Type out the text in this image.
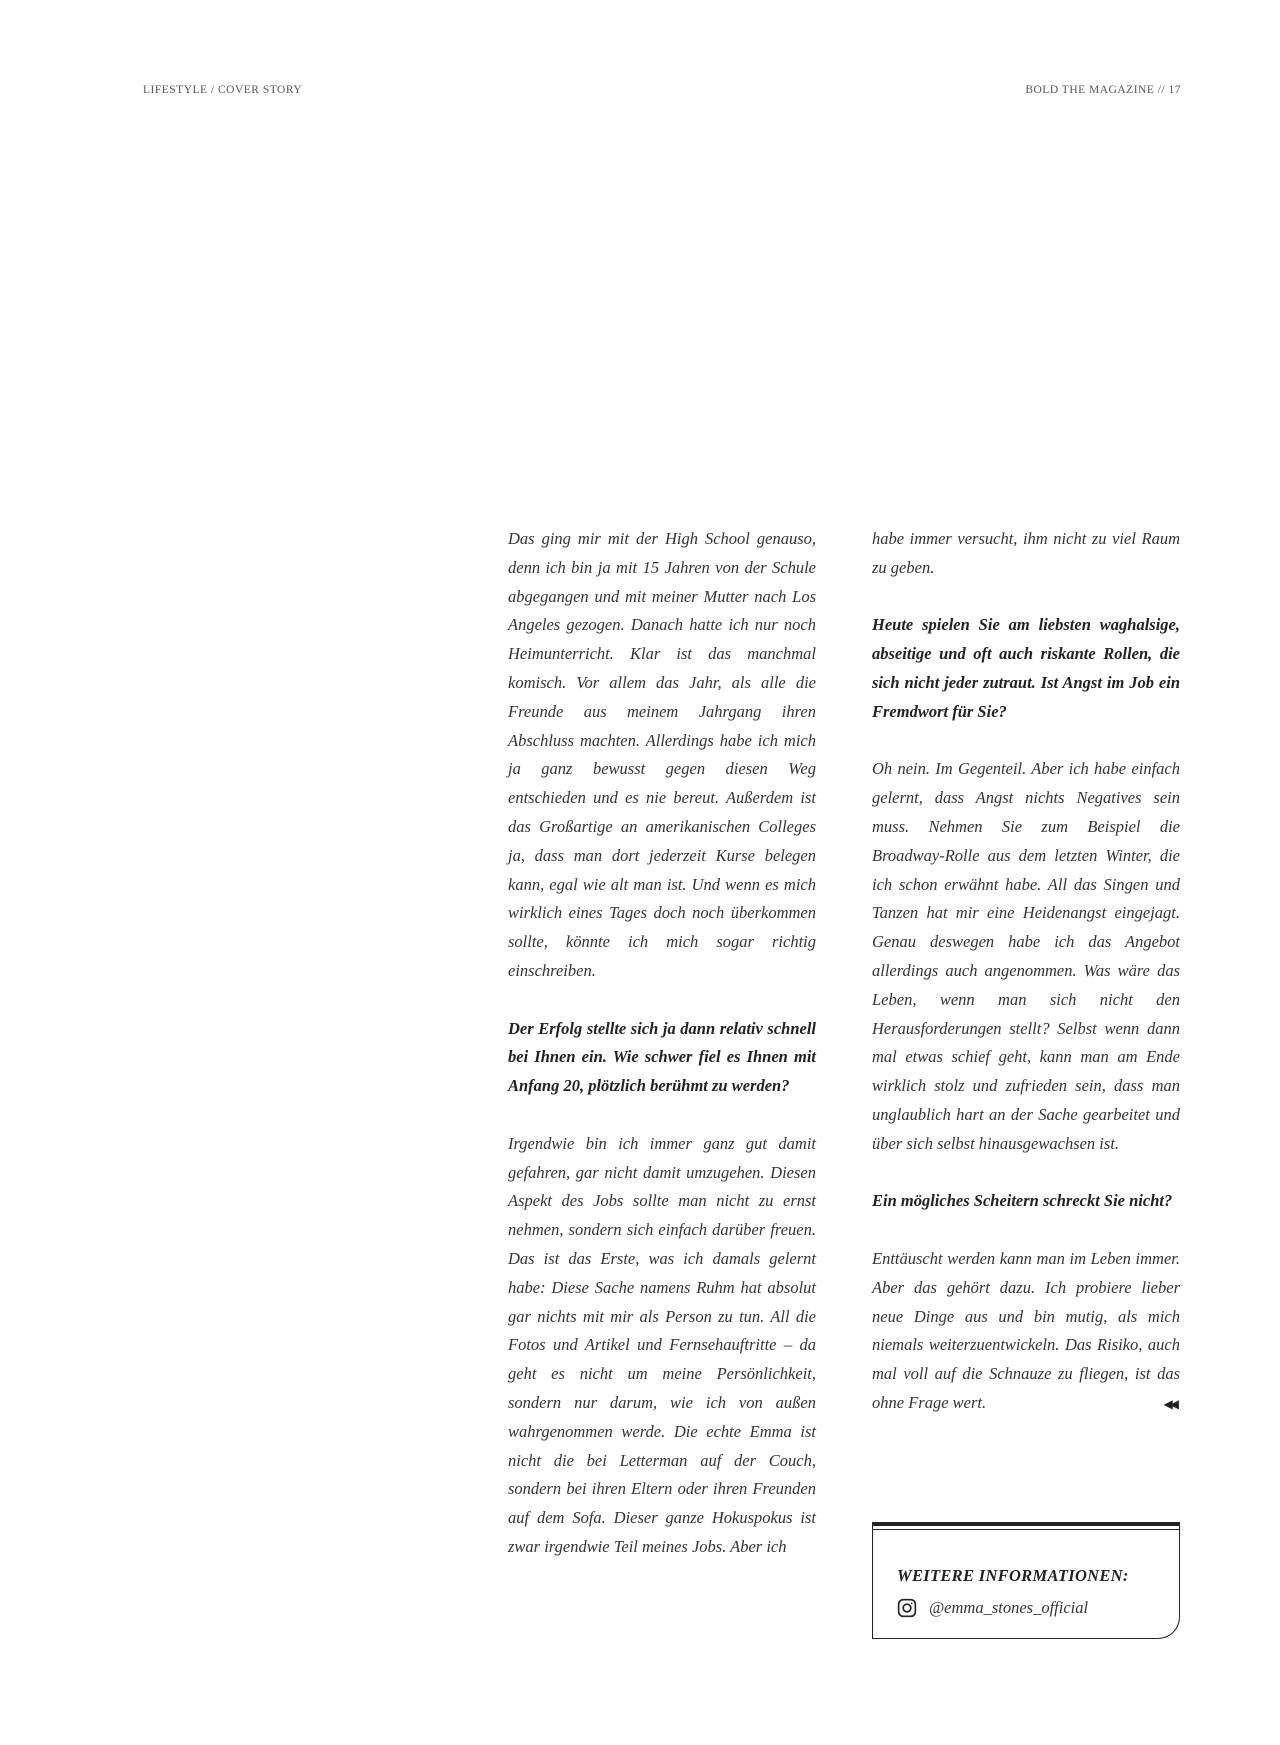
LIFESTYLE / COVER STORY	BOLD THE MAGAZINE // 17

Das ging mir mit der High School genauso, denn ich bin ja mit 15 Jahren von der Schule abgegangen und mit meiner Mutter nach Los Angeles gezogen. Danach hatte ich nur noch Heimunterricht. Klar ist das manchmal komisch. Vor allem das Jahr, als alle die Freunde aus meinem Jahrgang ihren Abschluss machten. Allerdings habe ich mich ja ganz bewusst gegen diesen Weg entschieden und es nie bereut. Außerdem ist das Großartige an amerikanischen Colleges ja, dass man dort jederzeit Kurse belegen kann, egal wie alt man ist. Und wenn es mich wirklich eines Tages doch noch überkommen sollte, könnte ich mich sogar richtig einschreiben.

Der Erfolg stellte sich ja dann relativ schnell bei Ihnen ein. Wie schwer fiel es Ihnen mit Anfang 20, plötzlich berühmt zu werden?

Irgendwie bin ich immer ganz gut damit gefahren, gar nicht damit umzugehen. Diesen Aspekt des Jobs sollte man nicht zu ernst nehmen, sondern sich einfach darüber freuen. Das ist das Erste, was ich damals gelernt habe: Diese Sache namens Ruhm hat absolut gar nichts mit mir als Person zu tun. All die Fotos und Artikel und Fernsehauftritte – da geht es nicht um meine Persönlichkeit, sondern nur darum, wie ich von außen wahrgenommen werde. Die echte Emma ist nicht die bei Letterman auf der Couch, sondern bei ihren Eltern oder ihren Freunden auf dem Sofa. Dieser ganze Hokuspokus ist zwar irgendwie Teil meines Jobs. Aber ich

habe immer versucht, ihm nicht zu viel Raum zu geben.

Heute spielen Sie am liebsten waghalsige, abseitige und oft auch riskante Rollen, die sich nicht jeder zutraut. Ist Angst im Job ein Fremdwort für Sie?

Oh nein. Im Gegenteil. Aber ich habe einfach gelernt, dass Angst nichts Negatives sein muss. Nehmen Sie zum Beispiel die Broadway-Rolle aus dem letzten Winter, die ich schon erwähnt habe. All das Singen und Tanzen hat mir eine Heidenangst eingejagt. Genau deswegen habe ich das Angebot allerdings auch angenommen. Was wäre das Leben, wenn man sich nicht den Herausforderungen stellt? Selbst wenn dann mal etwas schief geht, kann man am Ende wirklich stolz und zufrieden sein, dass man unglaublich hart an der Sache gearbeitet und über sich selbst hinausgewachsen ist.

Ein mögliches Scheitern schreckt Sie nicht?

Enttäuscht werden kann man im Leben immer. Aber das gehört dazu. Ich probiere lieber neue Dinge aus und bin mutig, als mich niemals weiterzuentwickeln. Das Risiko, auch mal voll auf die Schnauze zu fliegen, ist das ohne Frage wert.	◀◀

WEITERE INFORMATIONEN:
@emma_stones_official
